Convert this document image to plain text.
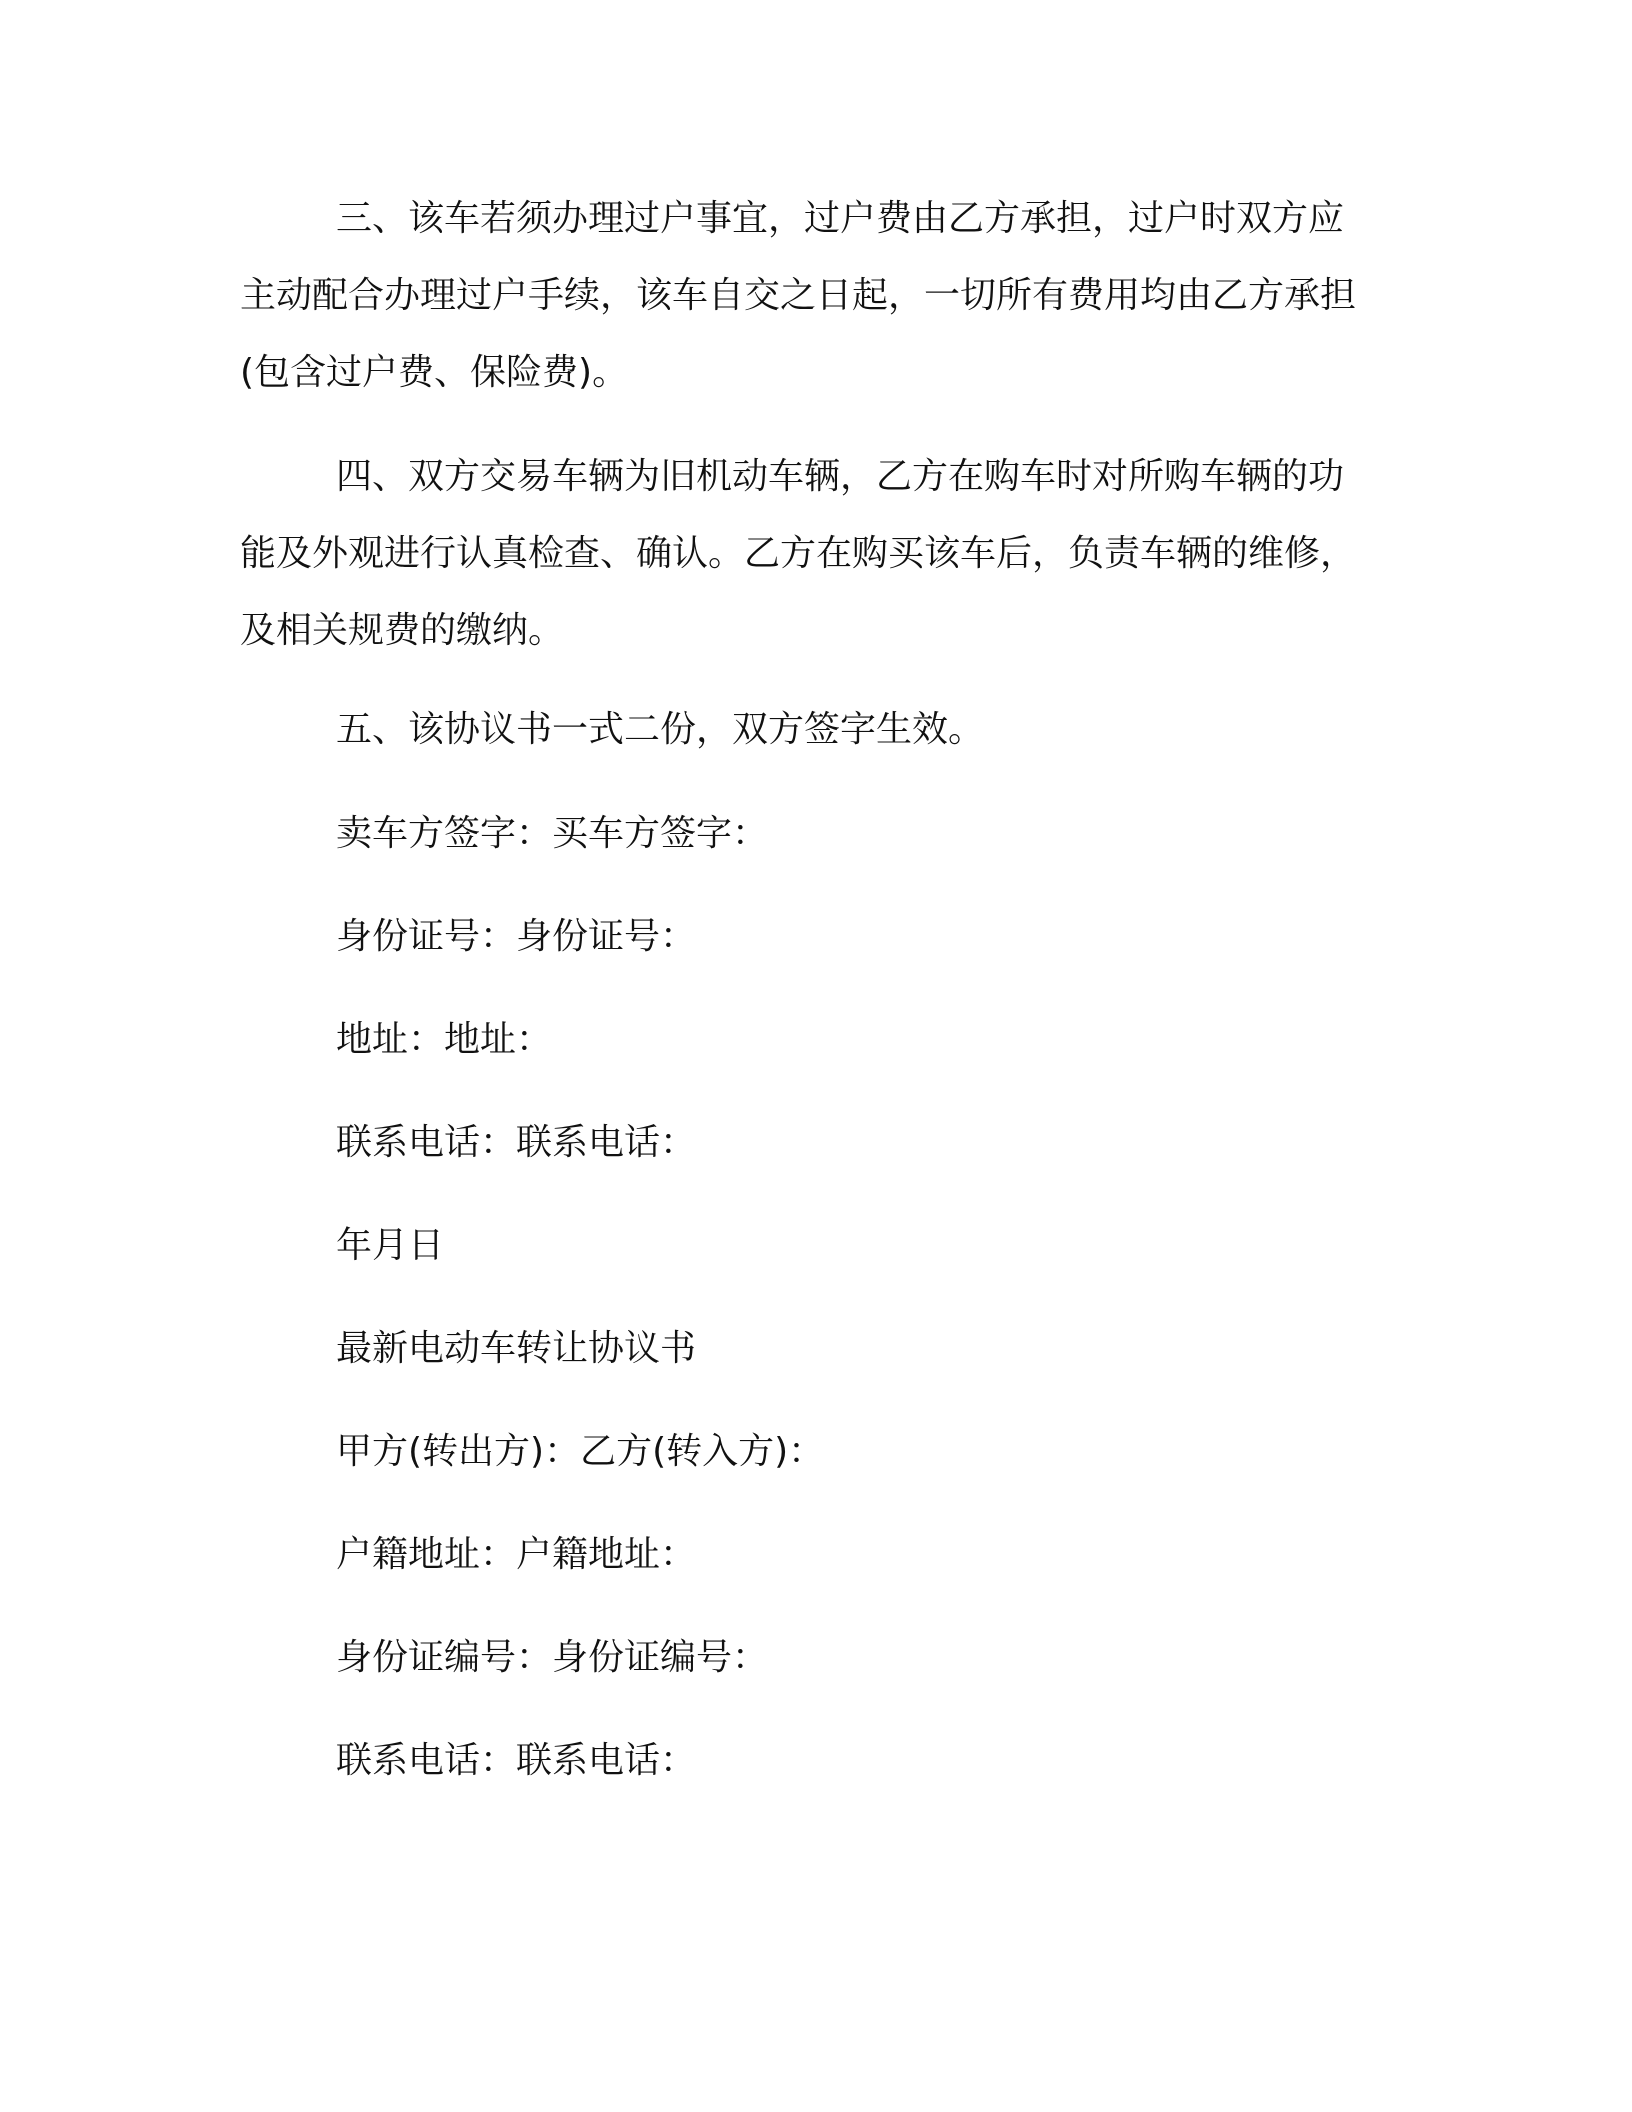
三、该车若须办理过户事宜，过户费由乙方承担，过户时双方应主动配合办理过户手续，该车自交之日起，一切所有费用均由乙方承担(包含过户费、保险费)。

四、双方交易车辆为旧机动车辆，乙方在购车时对所购车辆的功能及外观进行认真检查、确认。乙方在购买该车后，负责车辆的维修，及相关规费的缴纳。

五、该协议书一式二份，双方签字生效。

卖车方签字：买车方签字：

身份证号：身份证号：

地址：地址：

联系电话：联系电话：

年月日

最新电动车转让协议书

甲方(转出方)：乙方(转入方)：

户籍地址：户籍地址：

身份证编号：身份证编号：

联系电话：联系电话：
